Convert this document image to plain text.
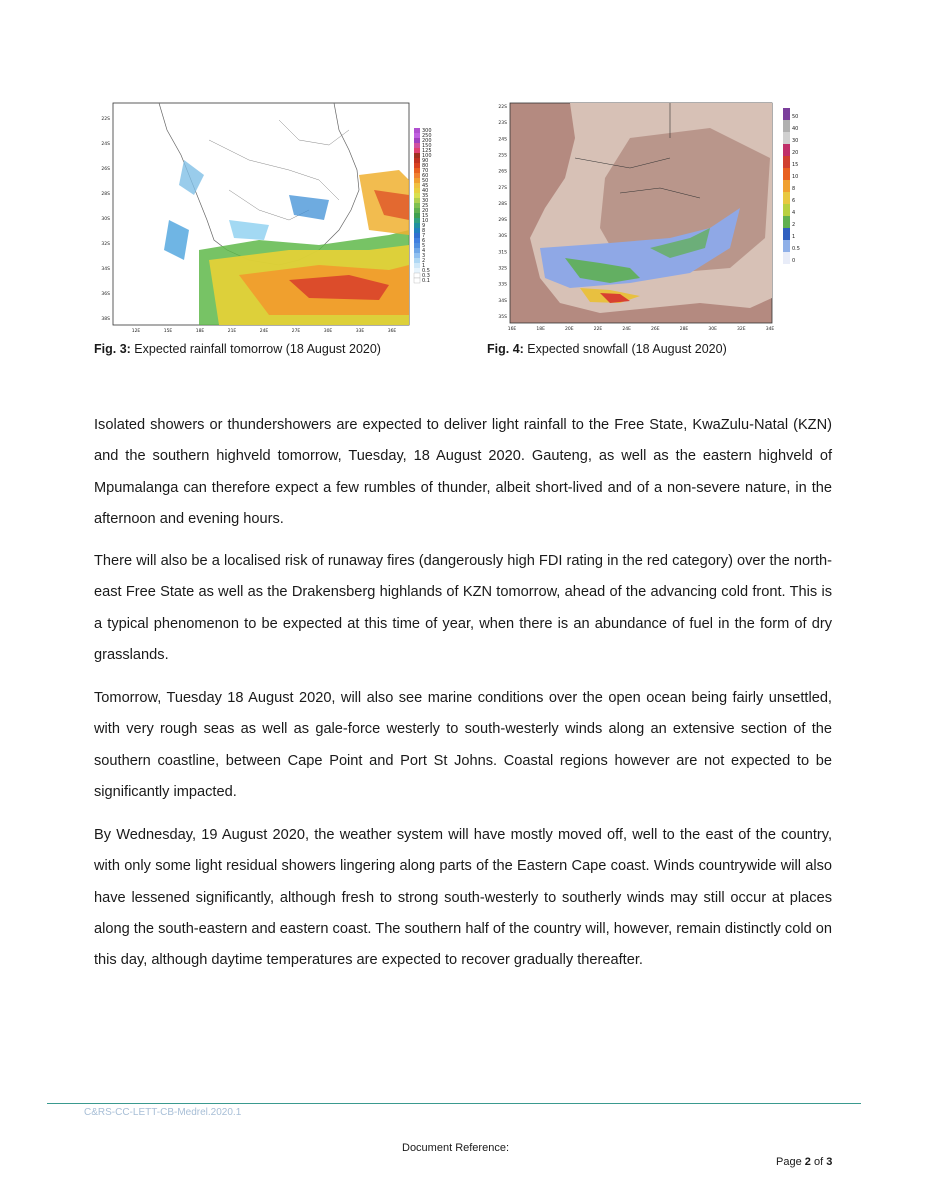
300
250
200
150
125
100
90
80
70
60
50
45
40
35
30
25
20
15
10
9
8
7
6
5
4
3
2
1
0.5
0.3
0.1
22S
24S
26S
28S
30S
32S
34S
36S
38S
12E	15E	18E	21E	24E	27E	30E	33E	36E
Fig. 3: Expected rainfall tomorrow (18 August 2020)
50
40
30
20
15
10
8
6
4
2
1
0.5
0
22S
23S
24S
25S
26S
27S
28S
29S
30S
31S
32S
33S
34S
35S
16E	18E	20E	22E	24E	26E	28E	30E	32E	34E
Fig. 4: Expected snowfall (18 August 2020)

Isolated showers or thundershowers are expected to deliver light rainfall to the Free State, KwaZulu-Natal (KZN) and the southern highveld tomorrow, Tuesday, 18 August 2020. Gauteng, as well as the eastern highveld of Mpumalanga can therefore expect a few rumbles of thunder, albeit short-lived and of a non-severe nature, in the afternoon and evening hours.

There will also be a localised risk of runaway fires (dangerously high FDI rating in the red category) over the north-east Free State as well as the Drakensberg highlands of KZN tomorrow, ahead of the advancing cold front. This is a typical phenomenon to be expected at this time of year, when there is an abundance of fuel in the form of dry grasslands.

Tomorrow, Tuesday 18 August 2020, will also see marine conditions over the open ocean being fairly unsettled, with very rough seas as well as gale-force westerly to south-westerly winds along an extensive section of the southern coastline, between Cape Point and Port St Johns. Coastal regions however are not expected to be significantly impacted.

By Wednesday, 19 August 2020, the weather system will have mostly moved off, well to the east of the country, with only some light residual showers lingering along parts of the Eastern Cape coast. Winds countrywide will also have lessened significantly, although fresh to strong south-westerly to southerly winds may still occur at places along the south-eastern and eastern coast. The southern half of the country will, however, remain distinctly cold on this day, although daytime temperatures are expected to recover gradually thereafter.

C&RS-CC-LETT-CB-Medrel.2020.1
Document Reference:
Page 2 of 3
